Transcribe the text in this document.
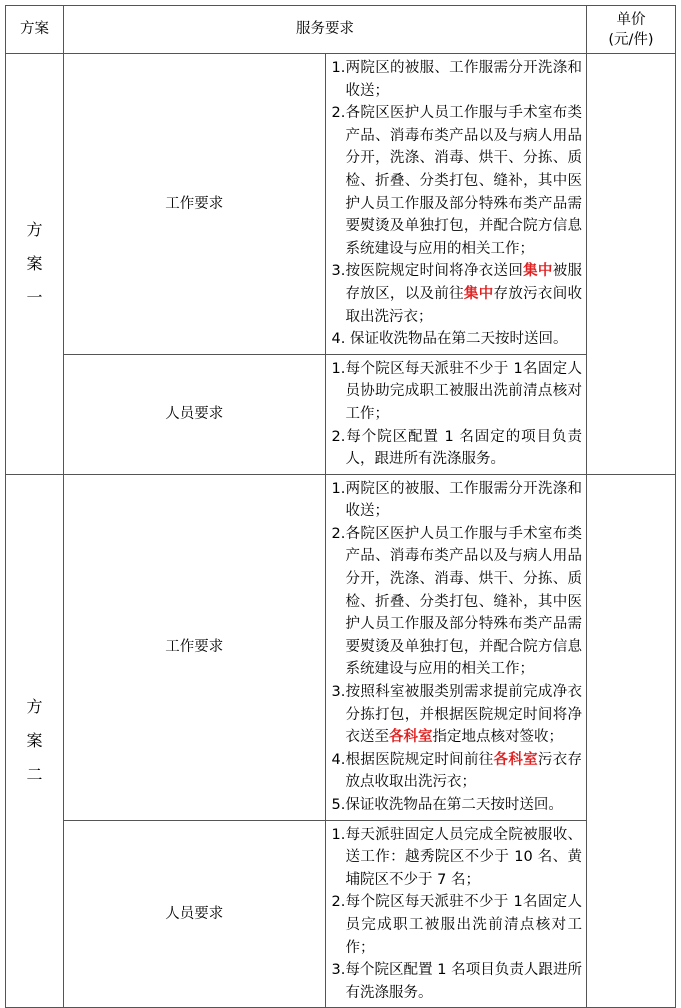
方案	服务要求		单价
(元/件)

方案一	工作要求	1.两院区的被服、工作服需分开洗涤和收送；
2.各院区医护人员工作服与手术室布类产品、消毒布类产品以及与病人用品分开，洗涤、消毒、烘干、分拣、质检、折叠、分类打包、缝补，其中医护人员工作服及部分特殊布类产品需要熨烫及单独打包，并配合院方信息系统建设与应用的相关工作；
3.按医院规定时间将净衣送回集中被服存放区，以及前往集中存放污衣间收取出洗污衣；
4. 保证收洗物品在第二天按时送回。	

	人员要求	1.每个院区每天派驻不少于 1名固定人员协助完成职工被服出洗前清点核对工作；
2.每个院区配置 1 名固定的项目负责人，跟进所有洗涤服务。	

方案二	工作要求	1.两院区的被服、工作服需分开洗涤和收送；
2.各院区医护人员工作服与手术室布类产品、消毒布类产品以及与病人用品分开，洗涤、消毒、烘干、分拣、质检、折叠、分类打包、缝补，其中医护人员工作服及部分特殊布类产品需要熨烫及单独打包，并配合院方信息系统建设与应用的相关工作；
3.按照科室被服类别需求提前完成净衣分拣打包，并根据医院规定时间将净衣送至各科室指定地点核对签收；
4.根据医院规定时间前往各科室污衣存放点收取出洗污衣；
5.保证收洗物品在第二天按时送回。	

	人员要求	1.每天派驻固定人员完成全院被服收、送工作：越秀院区不少于 10 名、黄埔院区不少于 7 名；
2.每个院区每天派驻不少于 1名固定人员完成职工被服出洗前清点核对工作；
3.每个院区配置 1 名项目负责人跟进所有洗涤服务。	
